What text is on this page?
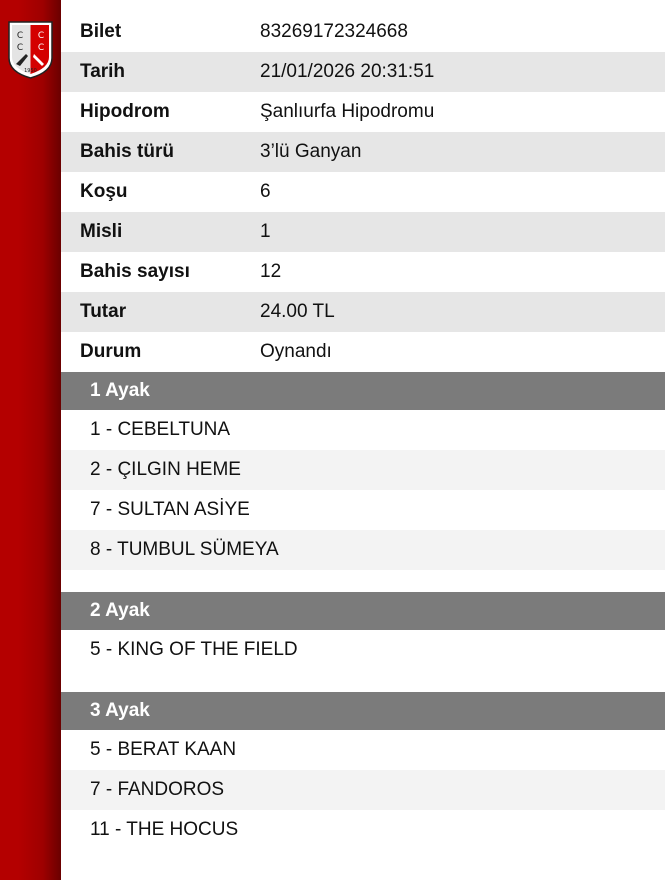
C
C
C
C
1950
Bilet	83269172324668
Tarih	21/01/2026 20:31:51
Hipodrom	Şanlıurfa Hipodromu
Bahis türü	3’lü Ganyan
Koşu	6
Misli	1
Bahis sayısı	12
Tutar	24.00 TL
Durum	Oynandı
1 Ayak
1 - CEBELTUNA
2 - ÇILGIN HEME
7 - SULTAN ASİYE
8 - TUMBUL SÜMEYA
2 Ayak
5 - KING OF THE FIELD
3 Ayak
5 - BERAT KAAN
7 - FANDOROS
11 - THE HOCUS
